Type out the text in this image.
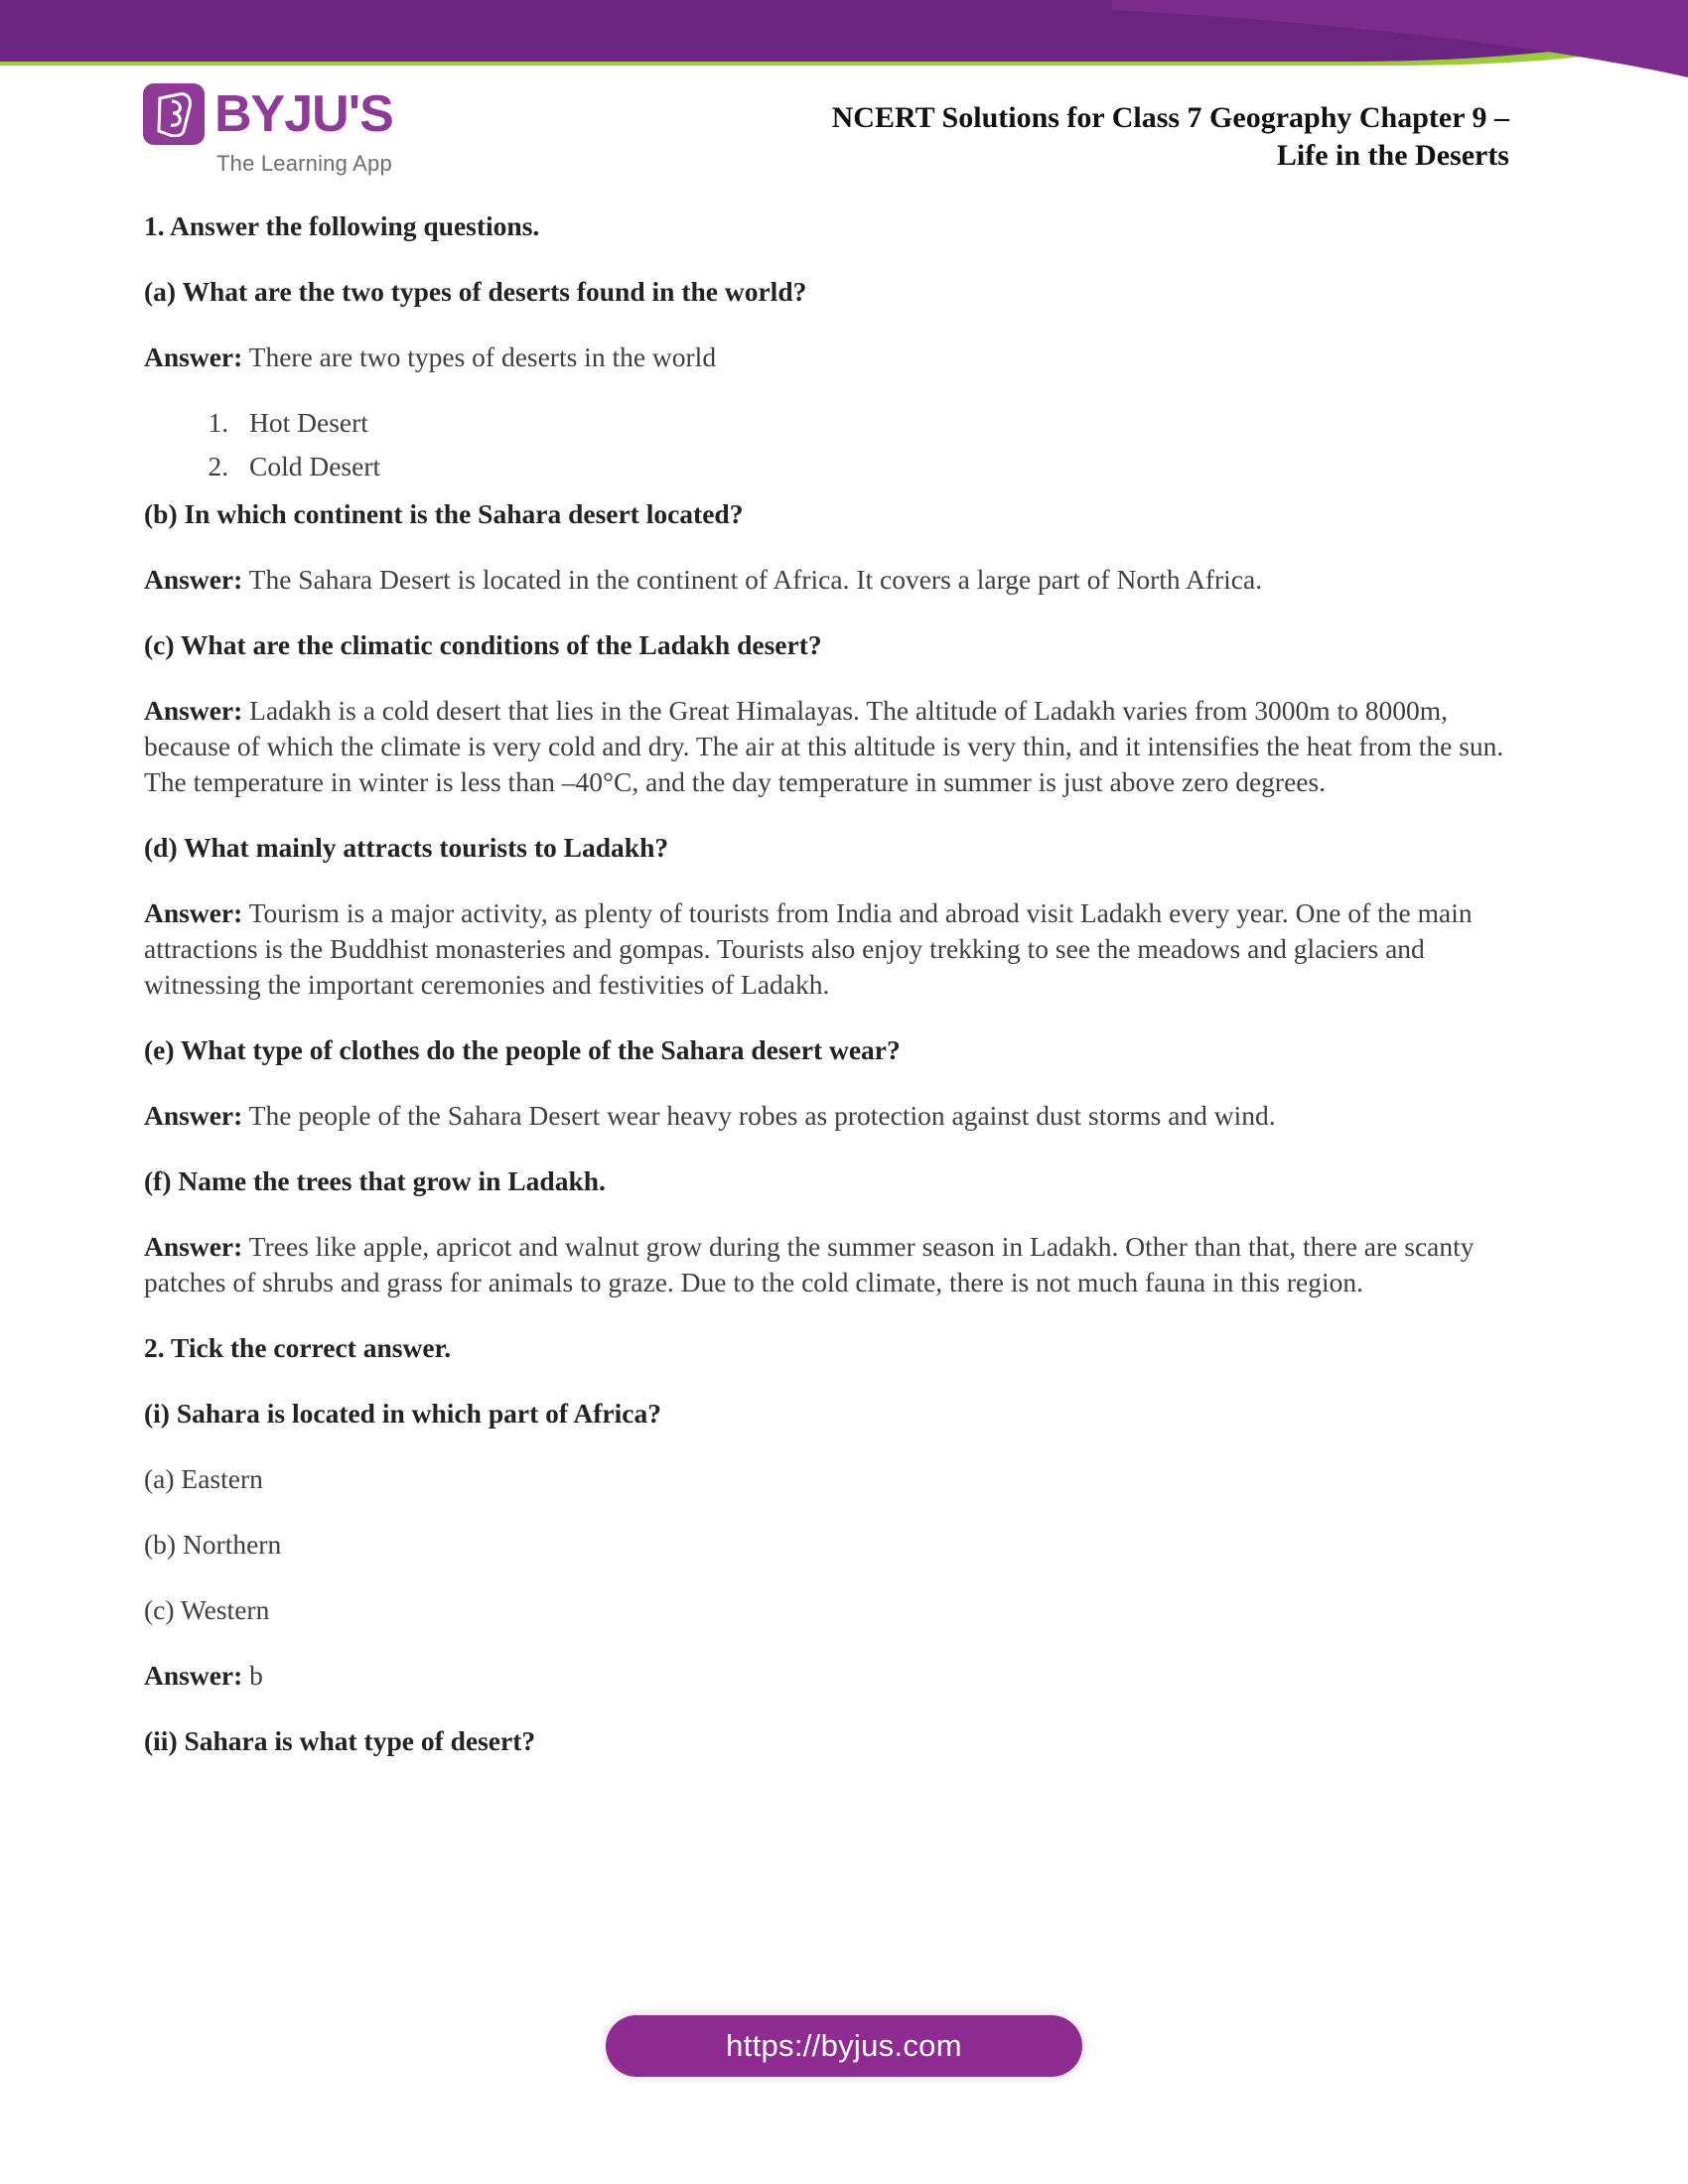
BYJU'S
The Learning App
NCERT Solutions for Class 7 Geography Chapter 9 –
Life in the Deserts

1. Answer the following questions.

(a) What are the two types of deserts found in the world?

Answer: There are two types of deserts in the world

1. Hot Desert
2. Cold Desert

(b) In which continent is the Sahara desert located?

Answer: The Sahara Desert is located in the continent of Africa. It covers a large part of North Africa.

(c) What are the climatic conditions of the Ladakh desert?

Answer: Ladakh is a cold desert that lies in the Great Himalayas. The altitude of Ladakh varies from 3000m to 8000m, because of which the climate is very cold and dry. The air at this altitude is very thin, and it intensifies the heat from the sun. The temperature in winter is less than –40°C, and the day temperature in summer is just above zero degrees.

(d) What mainly attracts tourists to Ladakh?

Answer: Tourism is a major activity, as plenty of tourists from India and abroad visit Ladakh every year. One of the main attractions is the Buddhist monasteries and gompas. Tourists also enjoy trekking to see the meadows and glaciers and witnessing the important ceremonies and festivities of Ladakh.

(e) What type of clothes do the people of the Sahara desert wear?

Answer: The people of the Sahara Desert wear heavy robes as protection against dust storms and wind.

(f) Name the trees that grow in Ladakh.

Answer: Trees like apple, apricot and walnut grow during the summer season in Ladakh. Other than that, there are scanty patches of shrubs and grass for animals to graze. Due to the cold climate, there is not much fauna in this region.

2. Tick the correct answer.

(i) Sahara is located in which part of Africa?

(a) Eastern

(b) Northern

(c) Western

Answer: b

(ii) Sahara is what type of desert?

https://byjus.com
